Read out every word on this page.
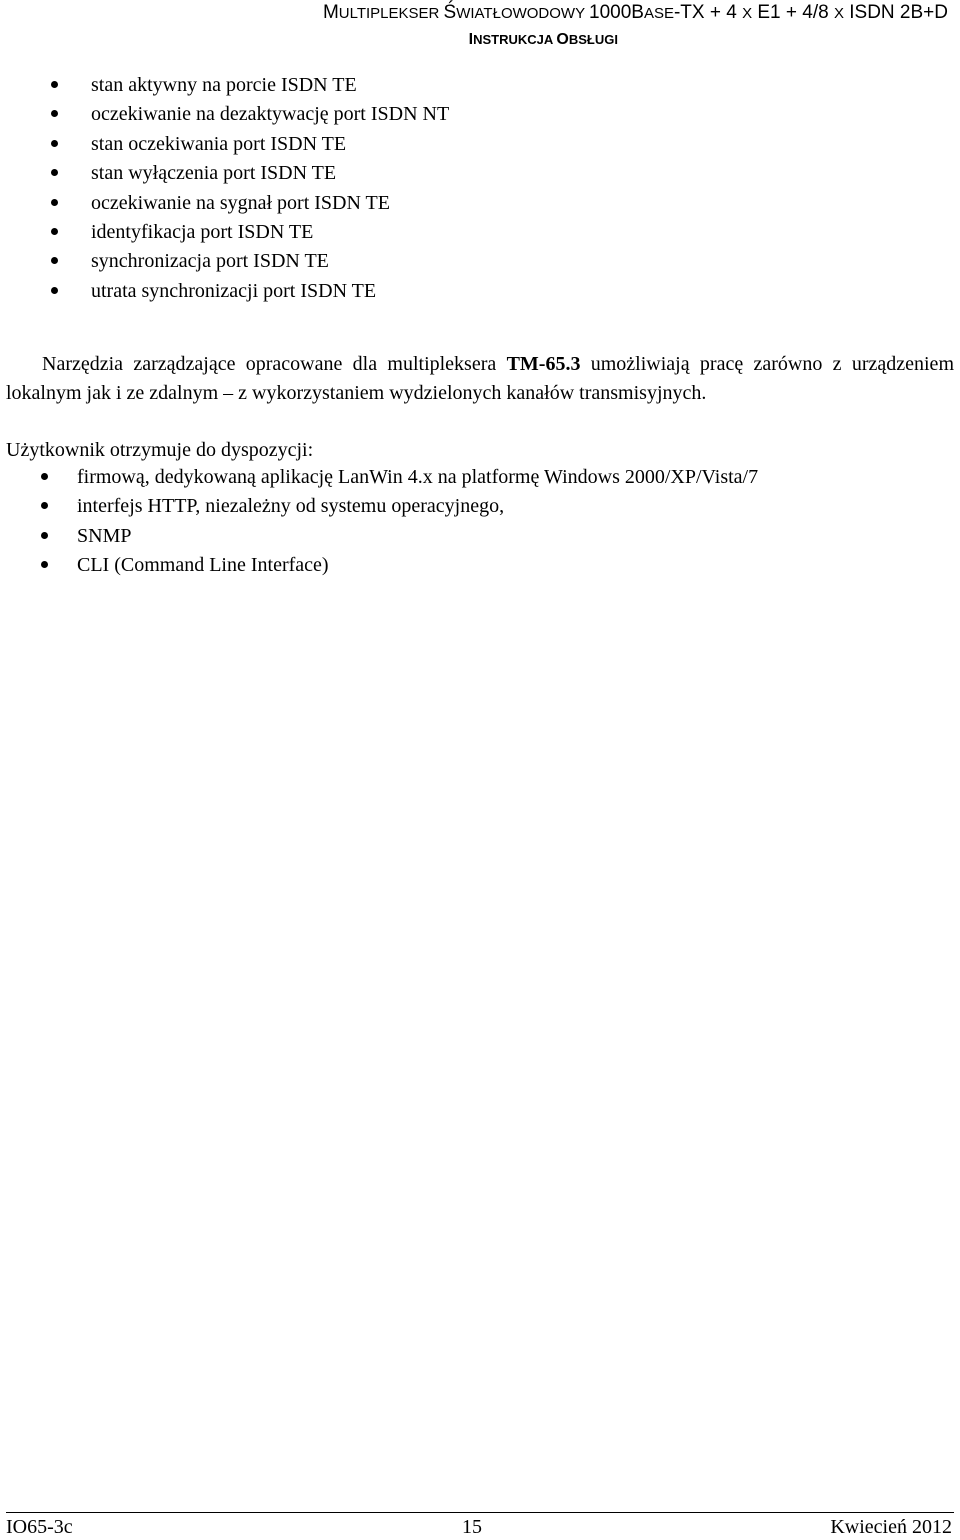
MULTIPLEKSER ŚWIATŁOWODOWY 1000BASE-TX + 4 X E1 + 4/8 X ISDN 2B+D
INSTRUKCJA OBSŁUGI
stan aktywny na porcie ISDN TE
oczekiwanie na dezaktywację port ISDN NT
stan oczekiwania port ISDN TE
stan wyłączenia port ISDN TE
oczekiwanie na sygnał port ISDN TE
identyfikacja port ISDN TE
synchronizacja port ISDN TE
utrata synchronizacji port ISDN TE

Narzędzia zarządzające opracowane dla multipleksera TM-65.3 umożliwiają pracę zarówno z urządzeniem lokalnym jak i ze zdalnym – z wykorzystaniem wydzielonych kanałów transmisyjnych.

Użytkownik otrzymuje do dyspozycji:
firmową, dedykowaną aplikację LanWin 4.x na platformę Windows 2000/XP/Vista/7
interfejs HTTP, niezależny od systemu operacyjnego,
SNMP
CLI (Command Line Interface)
IO65-3c	15	Kwiecień 2012
